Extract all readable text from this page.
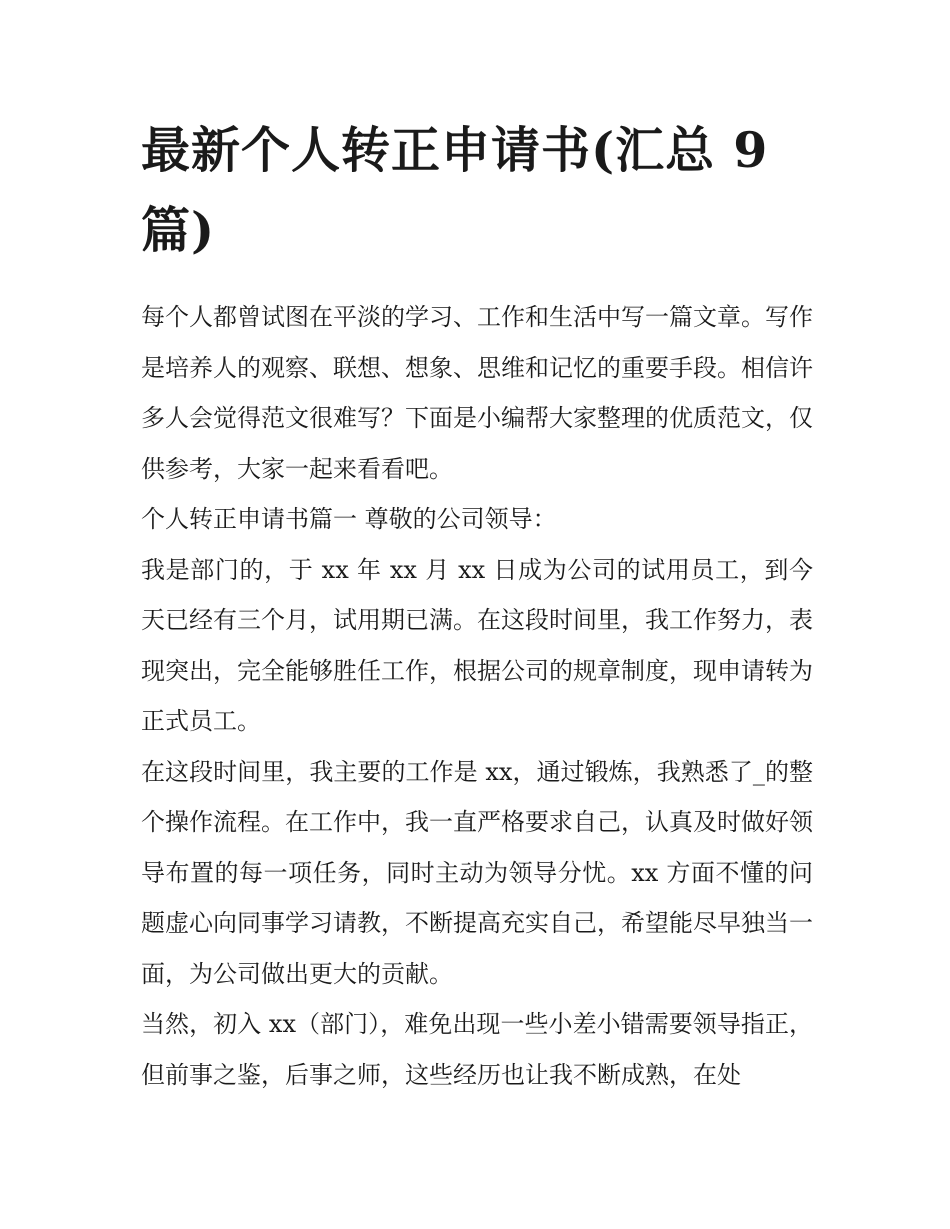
最新个人转正申请书(汇总 9 篇)

每个人都曾试图在平淡的学习、工作和生活中写一篇文章。写作是培养人的观察、联想、想象、思维和记忆的重要手段。相信许多人会觉得范文很难写？下面是小编帮大家整理的优质范文，仅供参考，大家一起来看看吧。

个人转正申请书篇一 尊敬的公司领导：

我是部门的，于 xx 年 xx 月 xx 日成为公司的试用员工，到今天已经有三个月，试用期已满。在这段时间里，我工作努力，表现突出，完全能够胜任工作，根据公司的规章制度，现申请转为正式员工。

在这段时间里，我主要的工作是 xx，通过锻炼，我熟悉了_的整个操作流程。在工作中，我一直严格要求自己，认真及时做好领导布置的每一项任务，同时主动为领导分忧。xx 方面不懂的问题虚心向同事学习请教，不断提高充实自己，希望能尽早独当一面，为公司做出更大的贡献。

当然，初入 xx（部门），难免出现一些小差小错需要领导指正，但前事之鉴，后事之师，这些经历也让我不断成熟，在处
